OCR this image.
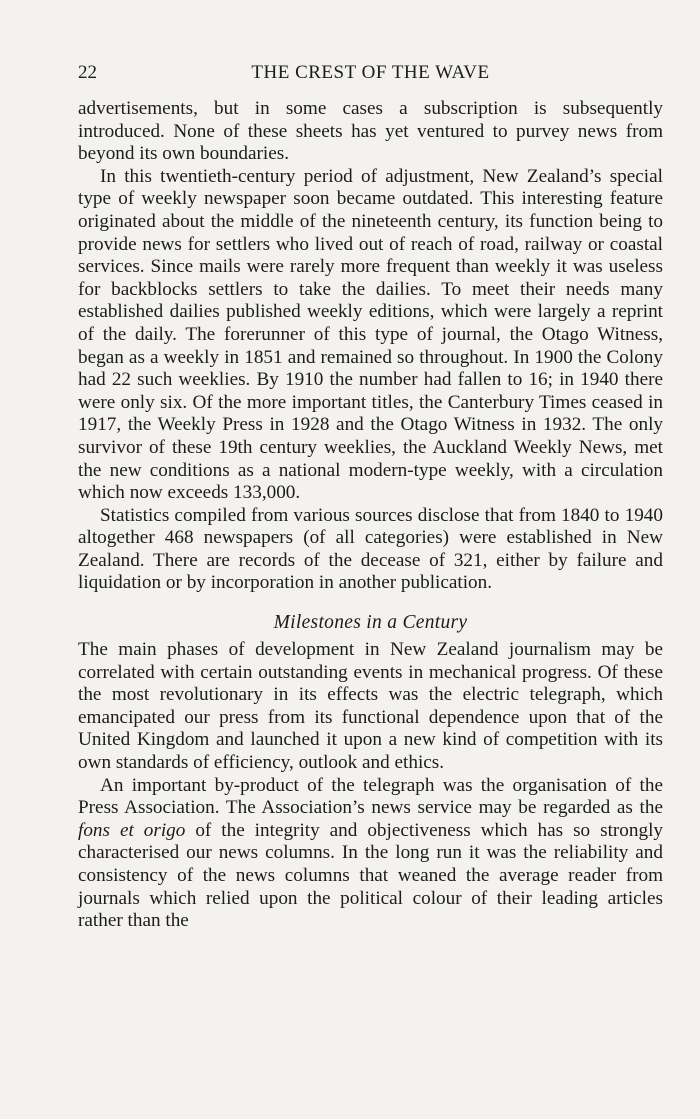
22	THE CREST OF THE WAVE

advertisements, but in some cases a subscription is subsequently introduced. None of these sheets has yet ventured to purvey news from beyond its own boundaries.

In this twentieth-century period of adjustment, New Zealand’s special type of weekly newspaper soon became outdated. This interesting feature originated about the middle of the nineteenth century, its function being to provide news for settlers who lived out of reach of road, railway or coastal services. Since mails were rarely more frequent than weekly it was useless for backblocks settlers to take the dailies. To meet their needs many established dailies published weekly editions, which were largely a reprint of the daily. The forerunner of this type of journal, the Otago Witness, began as a weekly in 1851 and remained so throughout. In 1900 the Colony had 22 such weeklies. By 1910 the number had fallen to 16; in 1940 there were only six. Of the more important titles, the Canterbury Times ceased in 1917, the Weekly Press in 1928 and the Otago Witness in 1932. The only survivor of these 19th century weeklies, the Auckland Weekly News, met the new conditions as a national modern-type weekly, with a circulation which now exceeds 133,000.

Statistics compiled from various sources disclose that from 1840 to 1940 altogether 468 newspapers (of all categories) were established in New Zealand. There are records of the decease of 321, either by failure and liquidation or by incorporation in another publication.

Milestones in a Century

The main phases of development in New Zealand journalism may be correlated with certain outstanding events in mechanical progress. Of these the most revolutionary in its effects was the electric telegraph, which emancipated our press from its functional dependence upon that of the United Kingdom and launched it upon a new kind of competition with its own standards of efficiency, outlook and ethics.

An important by-product of the telegraph was the organisation of the Press Association. The Association’s news service may be regarded as the fons et origo of the integrity and objectiveness which has so strongly characterised our news columns. In the long run it was the reliability and consistency of the news columns that weaned the average reader from journals which relied upon the political colour of their leading articles rather than the
